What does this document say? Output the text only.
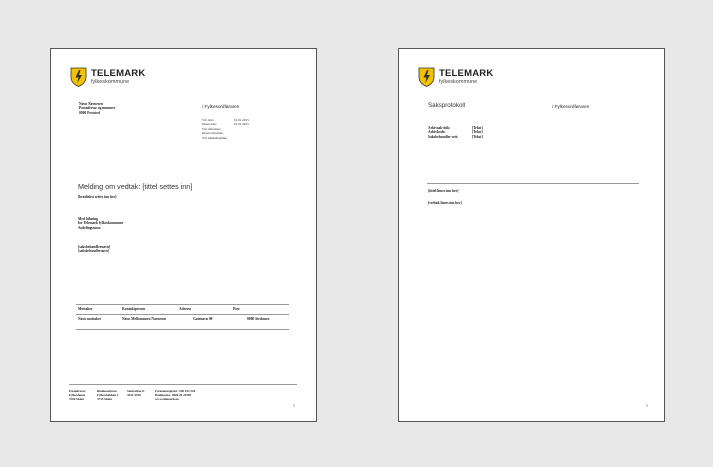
TELEMARK
fylkeskommune
Navn Navnesen
Postadresse og nummer
0000 Poststed
/ Fylkesordføraren
Vår dato:	01.01.2015
Deres dato:	01.01.2015
Vår referanse:
Deres referanse:
Vår saksbehandler:
Melding om vedtak: [tittel settes inn]
[brødtekst settes inn her]
Med hilsning
for Telemark fylkeskommune
Avdelingsnavn
[saksbehandlernavn]
[saksbehandlernavn]
Mottaker	Kontaktperson	Adresse	Post
Navn mottaker	Navn Mellomnavn Navnesen	Gatenavn 00	0000 Stednavn
Postadresse:
Fylkeshuset
3706 Skien
Besøksadresse:
Fylkesbakken 4
3715 Skien
Sentralbord:
3535 4340
Foretaksregister: 940 192 226
Bankkonto: 2800 29 22900
www.telemark.no
1
TELEMARK
fylkeskommune
Saksprotokoll	/ Fylkesordføraren
Arkivsak-dok:	[Tekst]
Arkivkode:	[Tekst]
Saksbehandler sett:	[Tekst]
[tittel limes inn her]
[vedtak limes inn her]
1
